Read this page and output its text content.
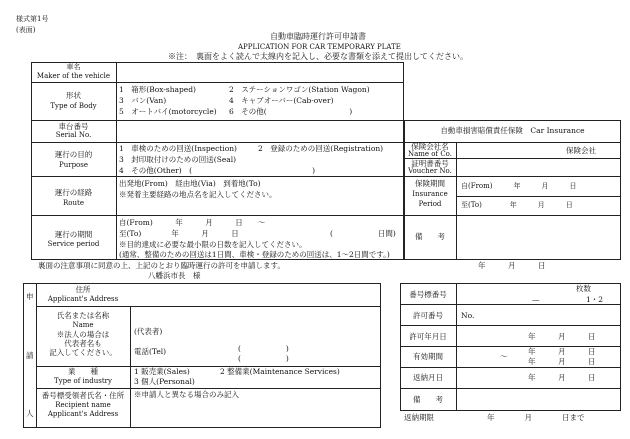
様式第1号
(表面)
自動車臨時運行許可申請書
APPLICATION FOR CAR TEMPORARY PLATE
※注：　裏面をよく読んで太線内を記入し、必要な書類を添えて提出してください。
車名
Maker of the vehicle
形状
Type of Body
1　箱形(Box-shaped)	2　ステーションワゴン(Station Wagon)
3　バン(Van)	4　キャブオーバー(Cab-over)
5　オートバイ(motorcycle) 6　その他(　　　　　　　　　　　)
車台番号
Serial No.
運行の目的
Purpose
1　車検のための回送(Inspection)	2　登録のための回送(Registration)
3　封印取付けのための回送(Seal)
4　その他(Other)　(　　　　　　　　　　　　　　　　)
運行の経路
Route
出発地(From)　経由地(Via)　到着地(To)
※発着主要経路の地点名を記入してください。
運行の期間
Service period
自(From)　　　年　　　月　　　日　　〜
至(To)　　　　年　　　月　　　日	(　　　　　　日間)
※目的達成に必要な最小限の日数を記入してください。
(通常、整備のための回送は1日間、車検・登録のための回送は、1〜2日間です。)
自動車損害賠償責任保険　Car Insurance
保険会社名
Name of Co.	保険会社
証明書番号
Voucher No.
保険期間
Insurance
Period
自(From)　　　年　　　月　　　日
至(To)　　　　年　　　月　　　日
備　　考
裏面の注意事項に同意の上、上記のとおり臨時運行の許可を申請します。	年　　　月　　　日
八幡浜市長　様
申
請
人
住所
Applicant's Address
氏名または名称
Name
※法人の場合は
代表者名も
記入してください。
(代表者)
電話(Tel)	(　　　　　　)
(　　　　　　)
業　　種
Type of industry
1 販売業(Sales)	2 整備業(Maintenance Services)
3 個人(Personal)
番号標受領者氏名・住所
Recipient name
Applicant's Address
※申請人と異なる場合のみ記入
番号標番号
枚数
—	1・2
許可番号	No.
許可年月日	年　　　月　　　日
有効期間
年　　　月　　　日
〜
年　　　月　　　日
返納月日	年　　　月　　　日
備　　考
返納期限	年　　　　月　　　　日まで
